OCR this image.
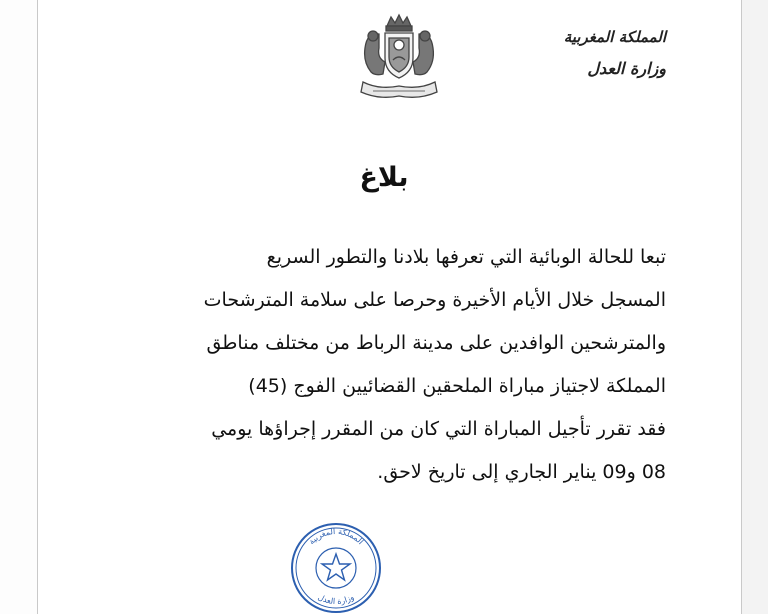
المملكة المغربية
وزارة العدل
بلاغ
تبعا للحالة الوبائية التي تعرفها بلادنا والتطور السريع
المسجل خلال الأيام الأخيرة وحرصا على سلامة المترشحات
والمترشحين الوافدين على مدينة الرباط من مختلف مناطق
المملكة لاجتياز مباراة الملحقين القضائيين الفوج (45)
فقد تقرر تأجيل المباراة التي كان من المقرر إجراؤها يومي
08 و09 يناير الجاري إلى تاريخ لاحق.
المملكة المغربية
وزارة العدل
